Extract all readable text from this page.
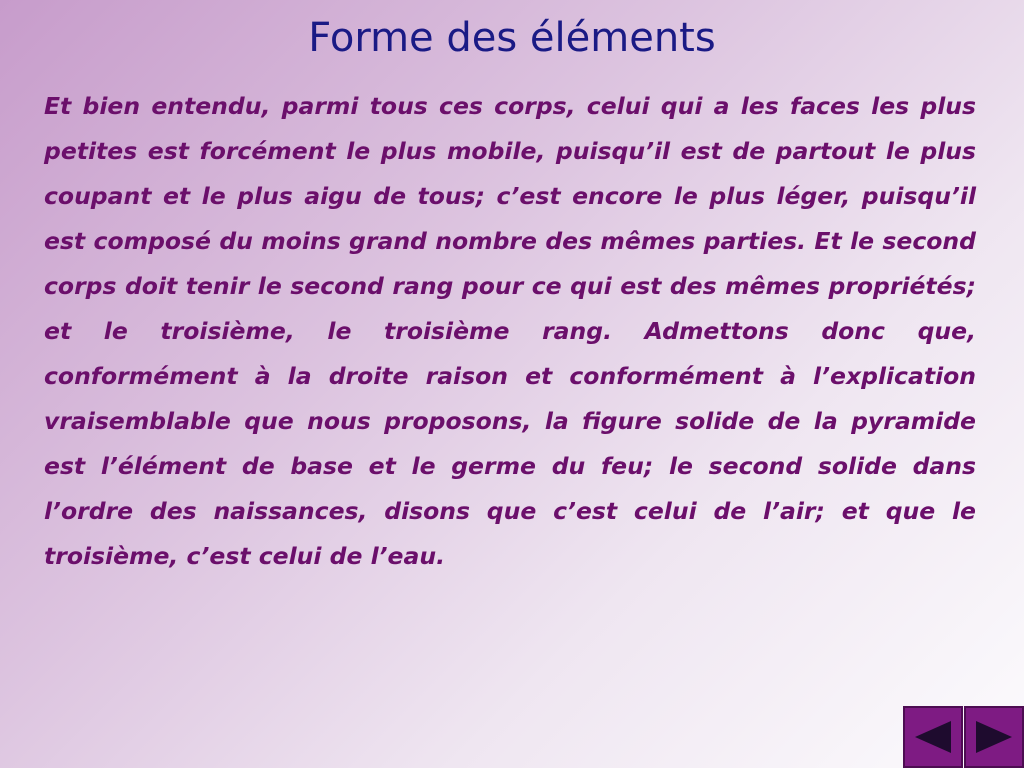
Forme des éléments

Et bien entendu, parmi tous ces corps, celui qui a les faces les plus petites est forcément le plus mobile, puisqu’il est de partout le plus coupant et le plus aigu de tous; c’est encore le plus léger, puisqu’il est composé du moins grand nombre des mêmes parties. Et le second corps doit tenir le second rang pour ce qui est des mêmes propriétés; et le troisième, le troisième rang. Admettons donc que, conformément à la droite raison et conformément à l’explication vraisemblable que nous proposons, la figure solide de la pyramide est l’élément de base et le germe du feu; le second solide dans l’ordre des naissances, disons que c’est celui de l’air; et que le troisième, c’est celui de l’eau.
